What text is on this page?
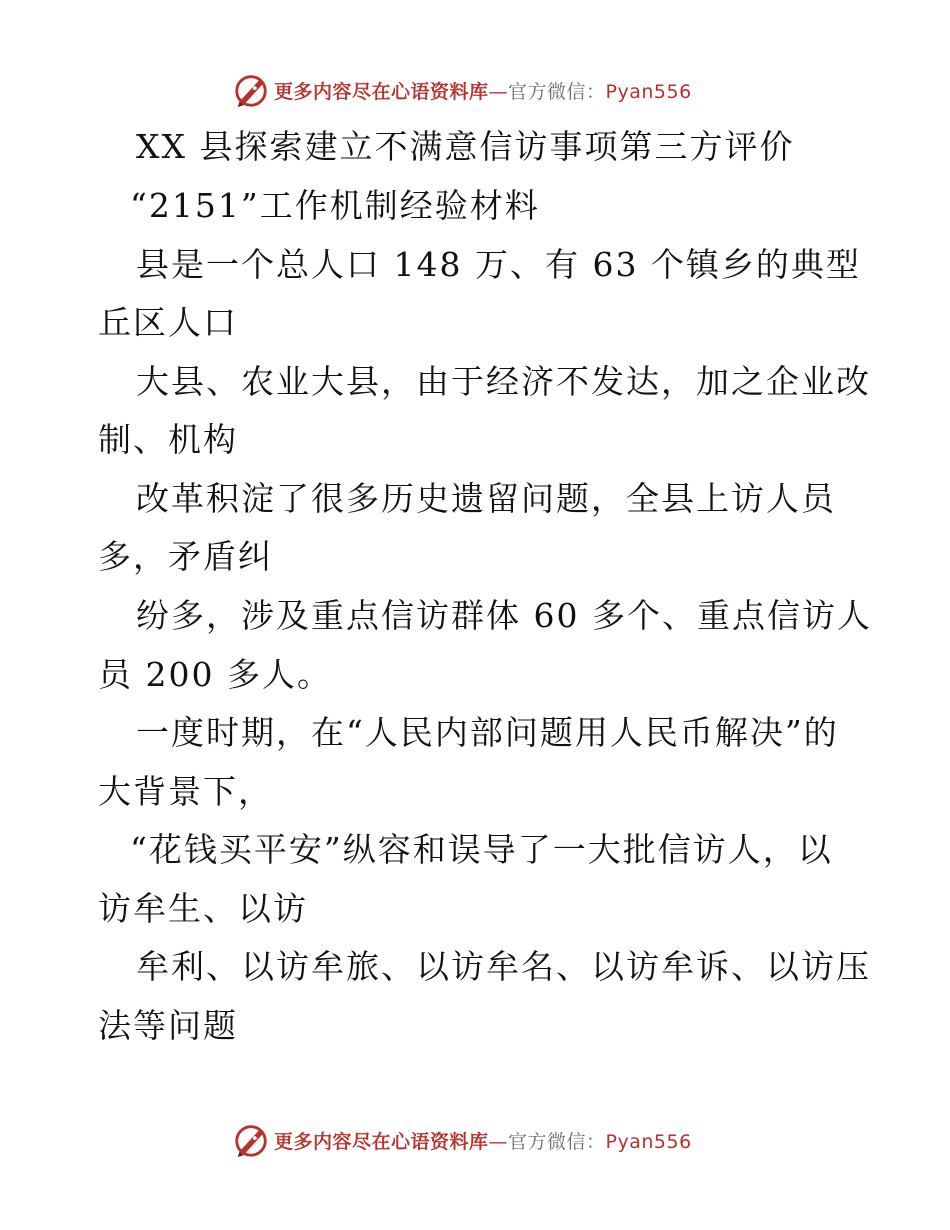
更多内容尽在心语资料库—官方微信：Pyan556
XX 县探索建立不满意信访事项第三方评价
“2151”工作机制经验材料
县是一个总人口 148 万、有 63 个镇乡的典型
丘区人口
大县、农业大县，由于经济不发达，加之企业改
制、机构
改革积淀了很多历史遗留问题，全县上访人员
多，矛盾纠
纷多，涉及重点信访群体 60 多个、重点信访人
员 200 多人。
一度时期，在“人民内部问题用人民币解决”的
大背景下，
“花钱买平安”纵容和误导了一大批信访人，以
访牟生、以访
牟利、以访牟旅、以访牟名、以访牟诉、以访压
法等问题
更多内容尽在心语资料库—官方微信：Pyan556
